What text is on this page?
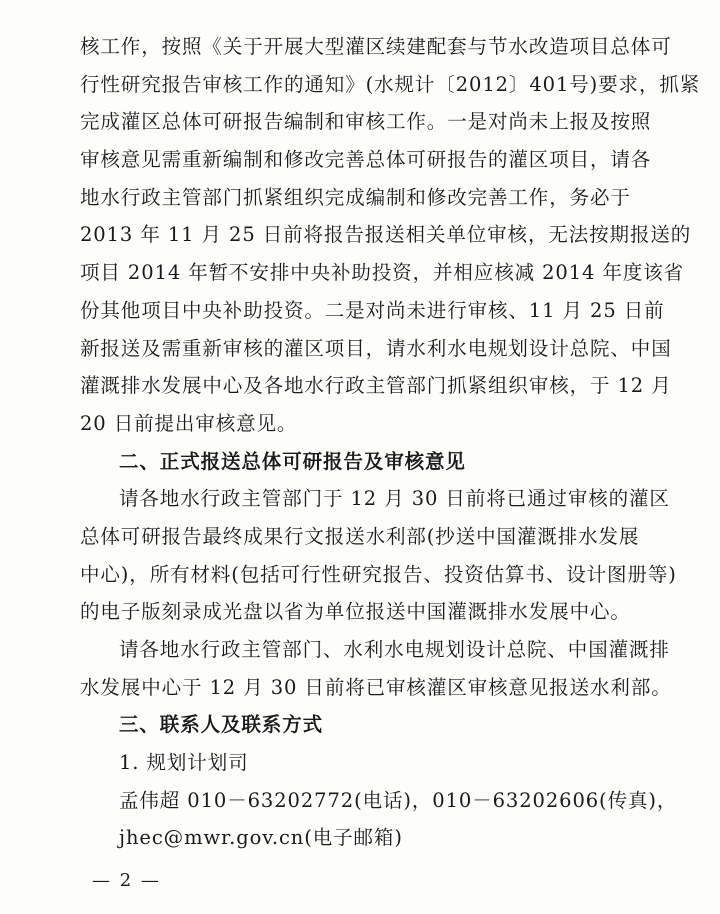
核工作，按照《关于开展大型灌区续建配套与节水改造项目总体可
行性研究报告审核工作的通知》(水规计〔2012〕401号)要求，抓紧
完成灌区总体可研报告编制和审核工作。一是对尚未上报及按照
审核意见需重新编制和修改完善总体可研报告的灌区项目，请各
地水行政主管部门抓紧组织完成编制和修改完善工作，务必于
2013 年 11 月 25 日前将报告报送相关单位审核，无法按期报送的
项目 2014 年暂不安排中央补助投资，并相应核减 2014 年度该省
份其他项目中央补助投资。二是对尚未进行审核、11 月 25 日前
新报送及需重新审核的灌区项目，请水利水电规划设计总院、中国
灌溉排水发展中心及各地水行政主管部门抓紧组织审核，于 12 月
20 日前提出审核意见。
二、正式报送总体可研报告及审核意见
请各地水行政主管部门于 12 月 30 日前将已通过审核的灌区
总体可研报告最终成果行文报送水利部(抄送中国灌溉排水发展
中心)，所有材料(包括可行性研究报告、投资估算书、设计图册等)
的电子版刻录成光盘以省为单位报送中国灌溉排水发展中心。
请各地水行政主管部门、水利水电规划设计总院、中国灌溉排
水发展中心于 12 月 30 日前将已审核灌区审核意见报送水利部。
三、联系人及联系方式
1. 规划计划司
孟伟超 010－63202772(电话)，010－63202606(传真)，
jhec@mwr.gov.cn(电子邮箱)
— 2 —
